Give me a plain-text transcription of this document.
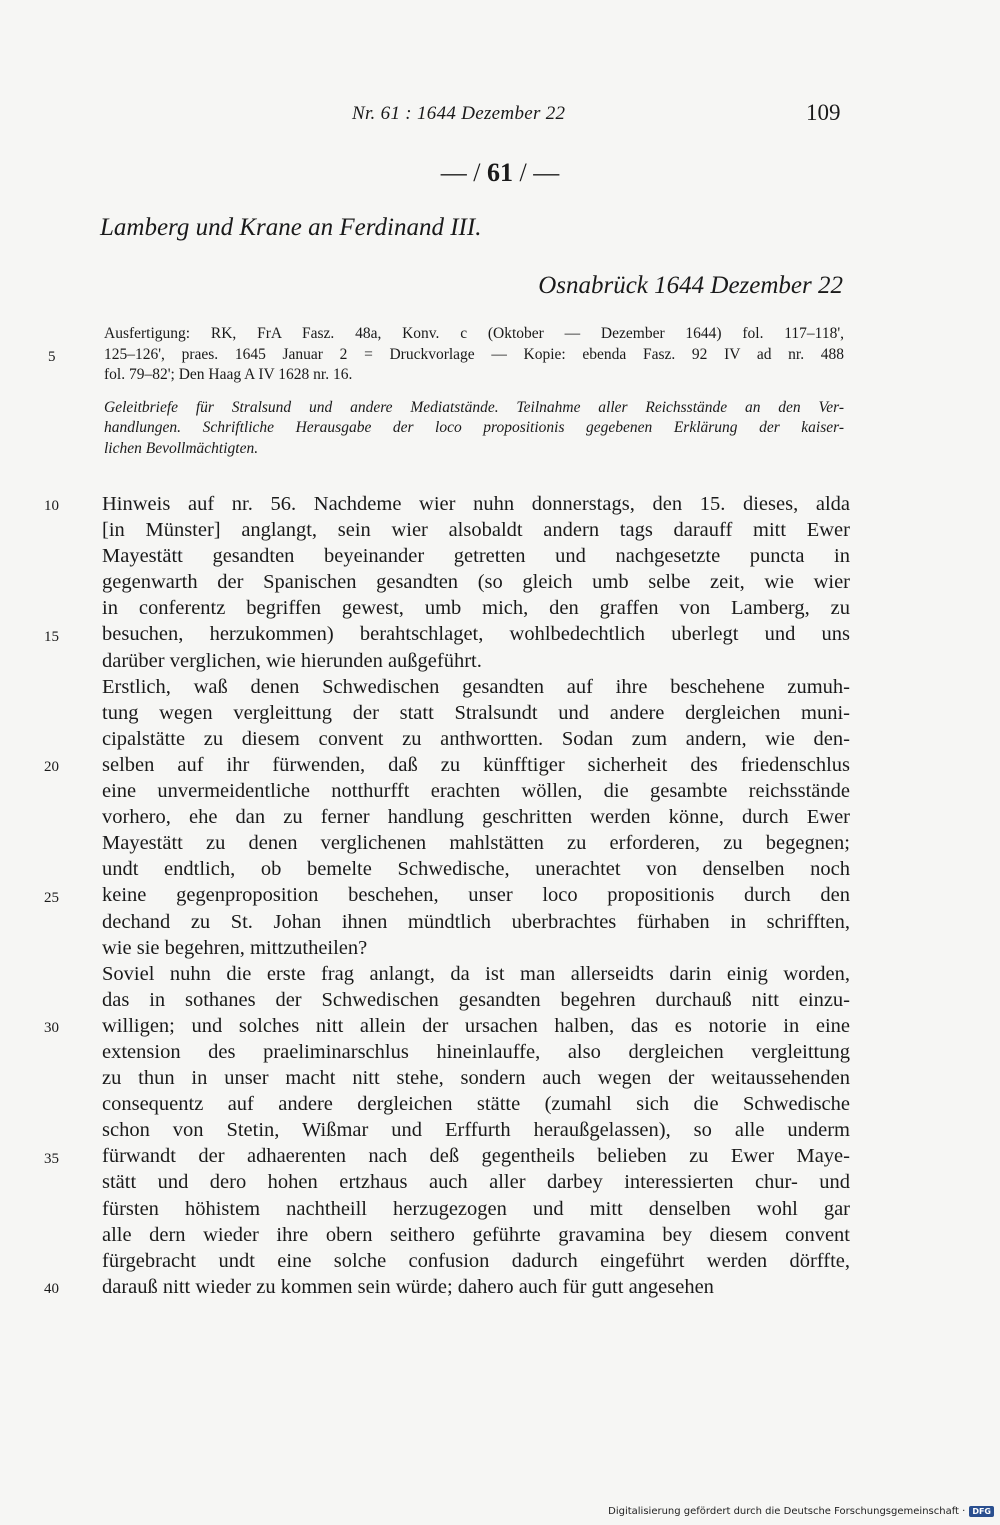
Nr. 61 : 1644 Dezember 22	109
— / 61 / —
Lamberg und Krane an Ferdinand III.
Osnabrück 1644 Dezember 22

Ausfertigung: RK, FrA Fasz. 48a, Konv. c (Oktober — Dezember 1644) fol. 117–118',
125–126', praes. 1645 Januar 2 = Druckvorlage — Kopie: ebenda Fasz. 92 IV ad nr. 488
fol. 79–82'; Den Haag A IV 1628 nr. 16.

Geleitbriefe für Stralsund und andere Mediatstände. Teilnahme aller Reichsstände an den Ver-
handlungen. Schriftliche Herausgabe der loco propositionis gegebenen Erklärung der kaiser-
lichen Bevollmächtigten.

5
Hinweis auf nr. 56. Nachdeme wier nuhn donnerstags, den 15. dieses, alda
[in Münster] anglangt, sein wier alsobaldt andern tags darauff mitt Ewer
Mayestätt gesandten beyeinander getretten und nachgesetzte puncta in
gegenwarth der Spanischen gesandten (so gleich umb selbe zeit, wie wier
in conferentz begriffen gewest, umb mich, den graffen von Lamberg, zu
besuchen, herzukommen) berahtschlaget, wohlbedechtlich uberlegt und uns
darüber verglichen, wie hierunden außgeführt.
Erstlich, waß denen Schwedischen gesandten auf ihre beschehene zumuh-
tung wegen vergleittung der statt Stralsundt und andere dergleichen muni-
cipalstätte zu diesem convent zu anthwortten. Sodan zum andern, wie den-
selben auf ihr fürwenden, daß zu künfftiger sicherheit des friedenschlus
eine unvermeidentliche notthurfft erachten wöllen, die gesambte reichsstände
vorhero, ehe dan zu ferner handlung geschritten werden könne, durch Ewer
Mayestätt zu denen verglichenen mahlstätten zu erforderen, zu begegnen;
undt endtlich, ob bemelte Schwedische, unerachtet von denselben noch
keine gegenproposition beschehen, unser loco propositionis durch den
dechand zu St. Johan ihnen mündtlich uberbrachtes fürhaben in schrifften,
wie sie begehren, mittzutheilen?
Soviel nuhn die erste frag anlangt, da ist man allerseidts darin einig worden,
das in sothanes der Schwedischen gesandten begehren durchauß nitt einzu-
willigen; und solches nitt allein der ursachen halben, das es notorie in eine
extension des praeliminarschlus hineinlauffe, also dergleichen vergleittung
zu thun in unser macht nitt stehe, sondern auch wegen der weitaussehenden
consequentz auf andere dergleichen stätte (zumahl sich die Schwedische
schon von Stetin, Wißmar und Erffurth heraußgelassen), so alle underm
fürwandt der adhaerenten nach deß gegentheils belieben zu Ewer Maye-
stätt und dero hohen ertzhaus auch aller darbey interessierten chur- und
fürsten höhistem nachtheill herzugezogen und mitt denselben wohl gar
alle dern wieder ihre obern seithero geführte gravamina bey diesem convent
fürgebracht undt eine solche confusion dadurch eingeführt werden dörffte,
darauß nitt wieder zu kommen sein würde; dahero auch für gutt angesehen
10
15
20
25
30
35
40
Digitalisierung gefördert durch die Deutsche Forschungsgemeinschaft · DFG
